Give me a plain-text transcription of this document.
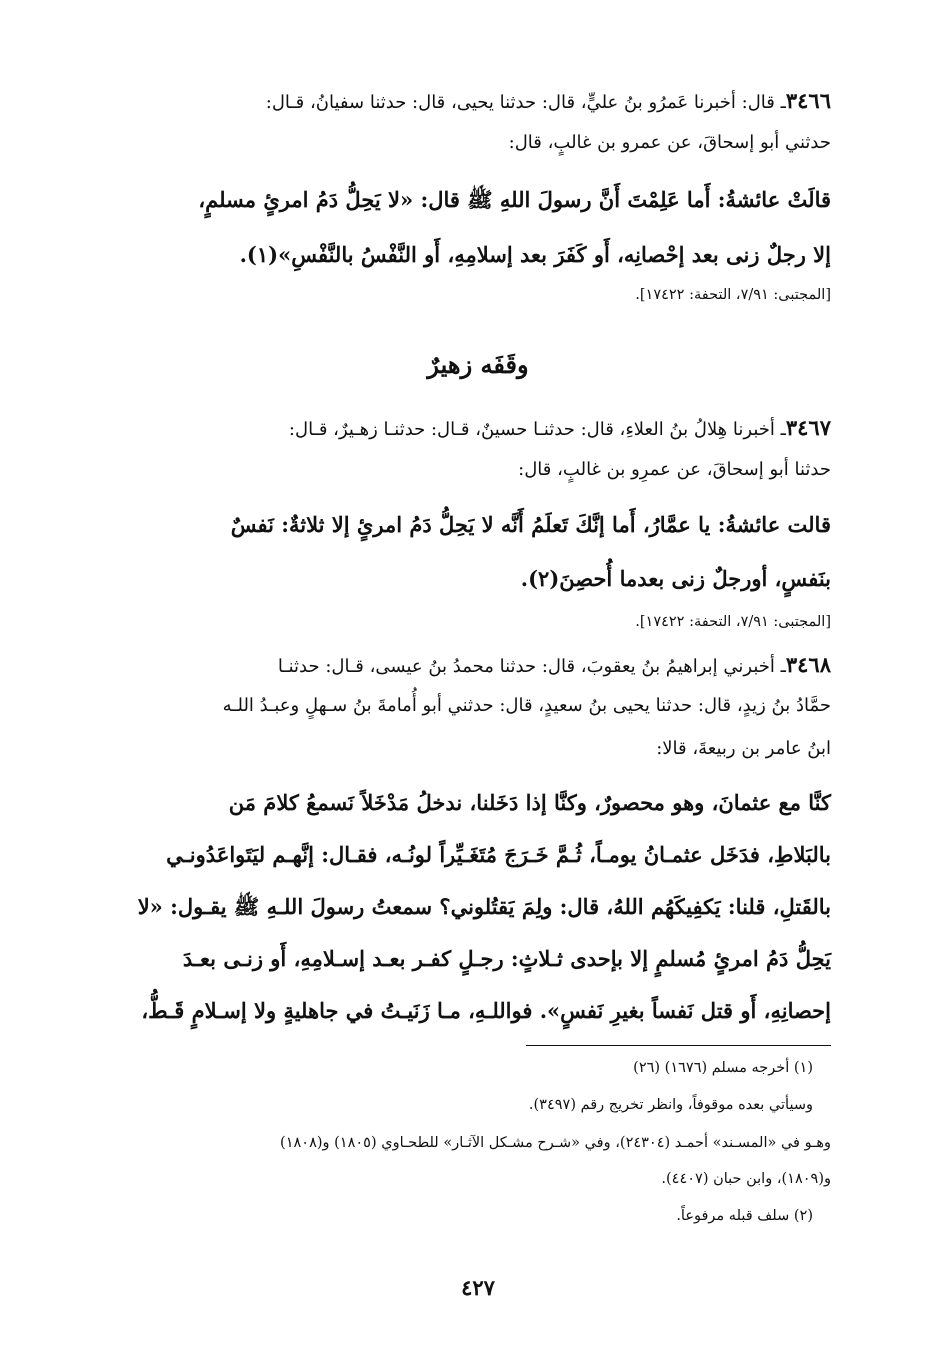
٣٤٦٦ـ قال: أخبرنا عَمرُو بنُ عليٍّ، قال: حدثنا يحيى، قال: حدثنا سفيانُ، قـال:
حدثني أبو إسحاقَ، عن عمرو بن غالبٍ، قال:
قالَتْ عائشةُ: أَما عَلِمْتَ أَنَّ رسولَ اللهِ ﷺ قال: «لا يَحِلُّ دَمُ امرئٍ مسلمٍ،
إلا رجلٌ زنى بعد إحْصانِه، أَو كَفَرَ بعد إسلامِهِ، أَو النَّفْسُ بالنَّفْسِ»(١).
[المجتبى: ٧/٩١، التحفة: ١٧٤٢٢].
وقَفَه زهيرٌ
٣٤٦٧ـ أخبرنا هِلالُ بنُ العلاءِ، قال: حدثنـا حسينٌ، قـال: حدثنـا زهـيرٌ، قـال:
حدثنا أبو إسحاقَ، عن عمرِو بن غالبٍ، قال:
قالت عائشةُ: يا عمَّارُ، أَما إنَّكَ تَعلَمُ أَنَّه لا يَحِلُّ دَمُ امرئٍ إلا ثلاثةٌ: نَفسٌ
بنَفسٍ، أورجلٌ زنى بعدما أُحصِنَ(٢).
[المجتبى: ٧/٩١، التحفة: ١٧٤٢٢].
٣٤٦٨ـ أخبرني إبراهيمُ بنُ يعقوبَ، قال: حدثنا محمدُ بنُ عيسى، قـال: حدثنـا
حمَّادُ بنُ زيدٍ، قال: حدثنا يحيى بنُ سعيدٍ، قال: حدثني أبو أُمامةَ بنُ سـهلٍ وعبـدُ اللـه
ابنُ عامر بن ربيعةَ، قالا:
كنَّا مع عثمانَ، وهو محصورٌ، وكنَّا إذا دَخَلنا، ندخلُ مَدْخَلاً نَسمعُ كلامَ مَن
بالبَلاطِ، فدَخَل عثمـانُ يومـاً، ثُـمَّ خَـرَجَ مُتَغَـيِّراً لونُـه، فقـال: إنَّهـم ليَتَواعَدُونـي
بالقَتلِ، قلنا: يَكفِيكَهُم اللهُ، قال: ولِمَ يَقتُلوني؟ سمعتُ رسولَ اللـهِ ﷺ يقـول: «لا
يَحِلُّ دَمُ امرئٍ مُسلمٍ إلا بإحدى ثـلاثٍ: رجـلٍ كفـر بعـد إسـلامِهِ، أَو زنـى بعـدَ
إحصانِهِ، أَو قتل نَفساً بغيرِ نَفسٍ». فواللـهِ، مـا زَنَيـتُ في جاهليةٍ ولا إسـلامٍ قَـطُّ،
(١) أخرجه مسلم (١٦٧٦) (٢٦)
وسيأتي بعده موقوفاً، وانظر تخريج رقم (٣٤٩٧).
وهـو في «المسـند» أحمـد (٢٤٣٠٤)، وفي «شـرح مشـكل الآثـار» للطحـاوي (١٨٠٥) و(١٨٠٨)
و(١٨٠٩)، وابن حبان (٤٤٠٧).
(٢) سلف قبله مرفوعاً.
٤٢٧
